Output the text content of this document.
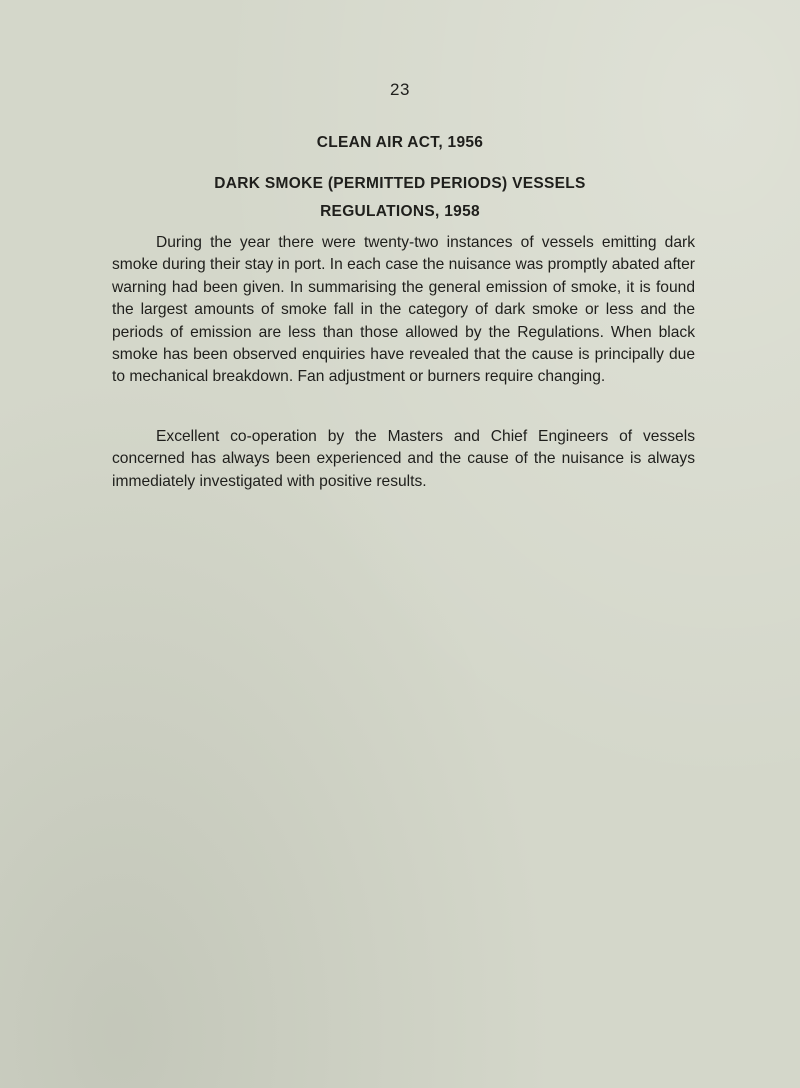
23
CLEAN AIR ACT, 1956
DARK SMOKE (PERMITTED PERIODS) VESSELS
REGULATIONS, 1958

During the year there were twenty-two instances of vessels emitting dark smoke during their stay in port. In each case the nuisance was promptly abated after warning had been given. In summarising the general emission of smoke, it is found the largest amounts of smoke fall in the category of dark smoke or less and the periods of emission are less than those allowed by the Regulations. When black smoke has been observed enquiries have revealed that the cause is principally due to mechanical breakdown. Fan adjustment or burners require changing.

Excellent co-operation by the Masters and Chief Engineers of vessels concerned has always been experienced and the cause of the nuisance is always immediately investigated with positive results.
